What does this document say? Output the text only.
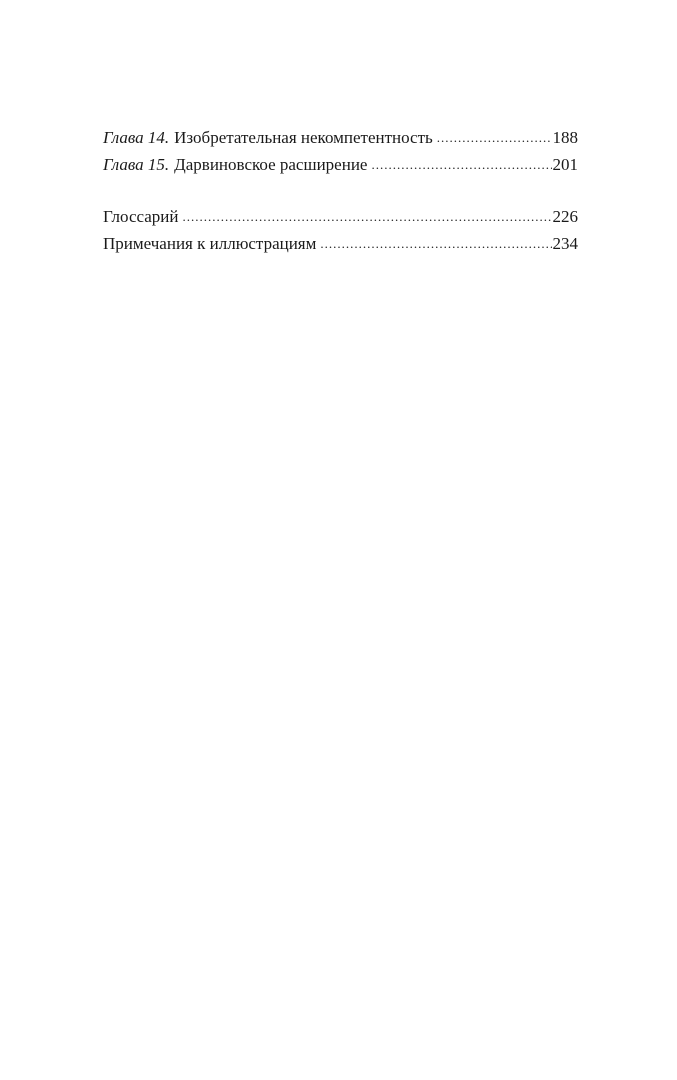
Глава 14. Изобретательная некомпетентность .....	188
Глава 15. Дарвиновское расширение .....	201
Глоссарий .....	226
Примечания к иллюстрациям .....	234
